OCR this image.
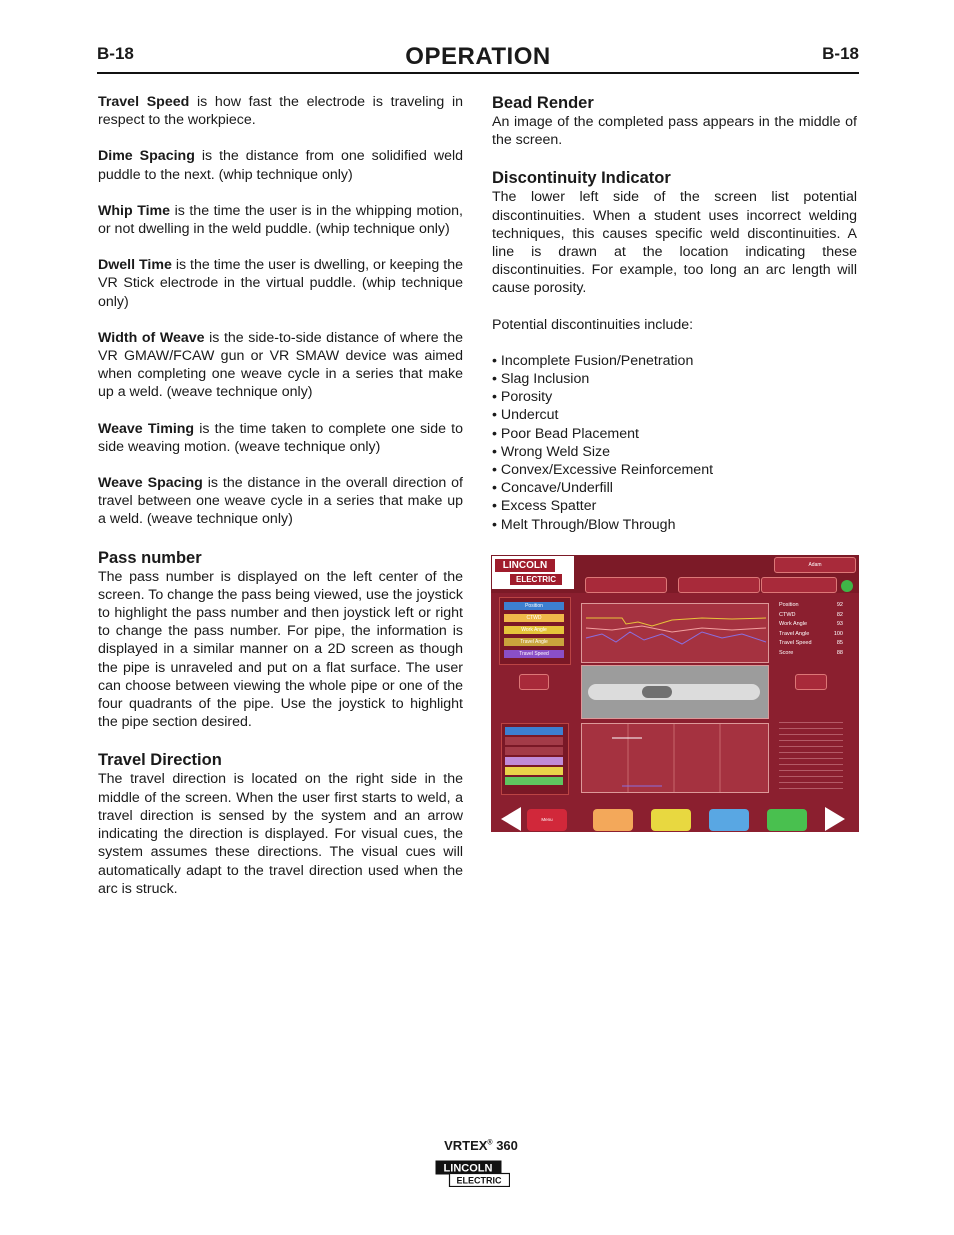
B-18	OPERATION	B-18

Travel Speed is how fast the electrode is traveling in respect to the workpiece.

Dime Spacing is the distance from one solidified weld puddle to the next. (whip technique only)

Whip Time is the time the user is in the whipping motion, or not dwelling in the weld puddle. (whip technique only)

Dwell Time is the time the user is dwelling, or keeping the VR Stick electrode in the virtual puddle. (whip technique only)

Width of Weave is the side-to-side distance of where the VR GMAW/FCAW gun or VR SMAW device was aimed when completing one weave cycle in a series that make up a weld. (weave technique only)

Weave Timing is the time taken to complete one side to side weaving motion. (weave technique only)

Weave Spacing is the distance in the overall direction of travel between one weave cycle in a series that make up a weld. (weave technique only)

Pass number

The pass number is displayed on the left center of the screen. To change the pass being viewed, use the joystick to highlight the pass number and then joystick left or right to change the pass number. For pipe, the information is displayed in a similar manner on a 2D screen as though the pipe is unraveled and put on a flat surface. The user can choose between viewing the whole pipe or one of the four quadrants of the pipe. Use the joystick to highlight the pipe section desired.

Travel Direction

The travel direction is located on the right side in the middle of the screen. When the user first starts to weld, a travel direction is sensed by the system and an arrow indicating the direction is displayed. For visual cues, the system assumes these directions. The visual cues will automatically adapt to the travel direction used when the arc is struck.

Bead Render

An image of the completed pass appears in the middle of the screen.

Discontinuity Indicator

The lower left side of the screen list potential discontinuities. When a student uses incorrect welding techniques, this causes specific weld discontinuities. A line is drawn at the location indicating these discontinuities. For example, too long an arc length will cause porosity.

Potential discontinuities include:

• Incomplete Fusion/Penetration
• Slag Inclusion
• Porosity
• Undercut
• Poor Bead Placement
• Wrong Weld Size
• Convex/Excessive Reinforcement
• Concave/Underfill
• Excess Spatter
• Melt Through/Blow Through
LINCOLN
ELECTRIC
Adam
Position
CTWD
Work Angle
Travel Angle
Travel Speed
Position	92
CTWD	82
Work Angle	93
Travel Angle	100
Travel Speed	85
Score	88
Menu
VRTEX® 360
LINCOLN
ELECTRIC
